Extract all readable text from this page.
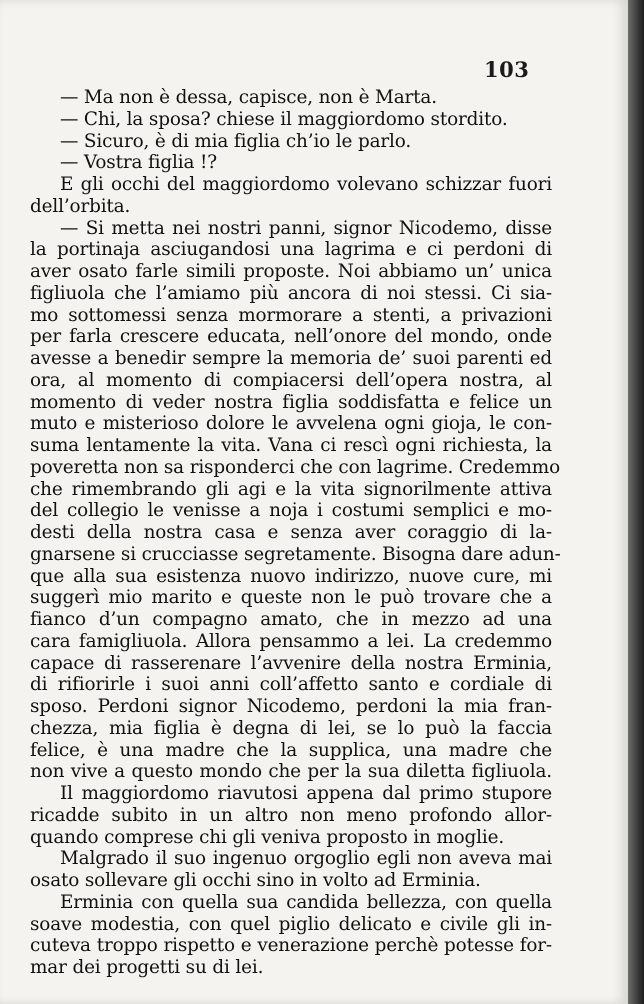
103
— Ma non è dessa, capisce, non è Marta.
— Chi, la sposa? chiese il maggiordomo stordito.
— Sicuro, è di mia figlia ch’io le parlo.
— Vostra figlia !?
E gli occhi del maggiordomo volevano schizzar fuori
dell’orbita.
— Si metta nei nostri panni, signor Nicodemo, disse
la portinaja asciugandosi una lagrima e ci perdoni di
aver osato farle simili proposte. Noi abbiamo un’ unica
figliuola che l’amiamo più ancora di noi stessi. Ci sia-
mo sottomessi senza mormorare a stenti, a privazioni
per farla crescere educata, nell’onore del mondo, onde
avesse a benedir sempre la memoria de’ suoi parenti ed
ora, al momento di compiacersi dell’opera nostra, al
momento di veder nostra figlia soddisfatta e felice un
muto e misterioso dolore le avvelena ogni gioja, le con-
suma lentamente la vita. Vana ci rescì ogni richiesta, la
poveretta non sa risponderci che con lagrime. Credemmo
che rimembrando gli agi e la vita signorilmente attiva
del collegio le venisse a noja i costumi semplici e mo-
desti della nostra casa e senza aver coraggio di la-
gnarsene si crucciasse segretamente. Bisogna dare adun-
que alla sua esistenza nuovo indirizzo, nuove cure, mi
suggerì mio marito e queste non le può trovare che a
fianco d’un compagno amato, che in mezzo ad una
cara famigliuola. Allora pensammo a lei. La credemmo
capace di rasserenare l’avvenire della nostra Erminia,
di rifiorirle i suoi anni coll’affetto santo e cordiale di
sposo. Perdoni signor Nicodemo, perdoni la mia fran-
chezza, mia figlia è degna di lei, se lo può la faccia
felice, è una madre che la supplica, una madre che
non vive a questo mondo che per la sua diletta figliuola.
Il maggiordomo riavutosi appena dal primo stupore
ricadde subito in un altro non meno profondo allor-
quando comprese chi gli veniva proposto in moglie.
Malgrado il suo ingenuo orgoglio egli non aveva mai
osato sollevare gli occhi sino in volto ad Erminia.
Erminia con quella sua candida bellezza, con quella
soave modestia, con quel piglio delicato e civile gli in-
cuteva troppo rispetto e venerazione perchè potesse for-
mar dei progetti su di lei.
